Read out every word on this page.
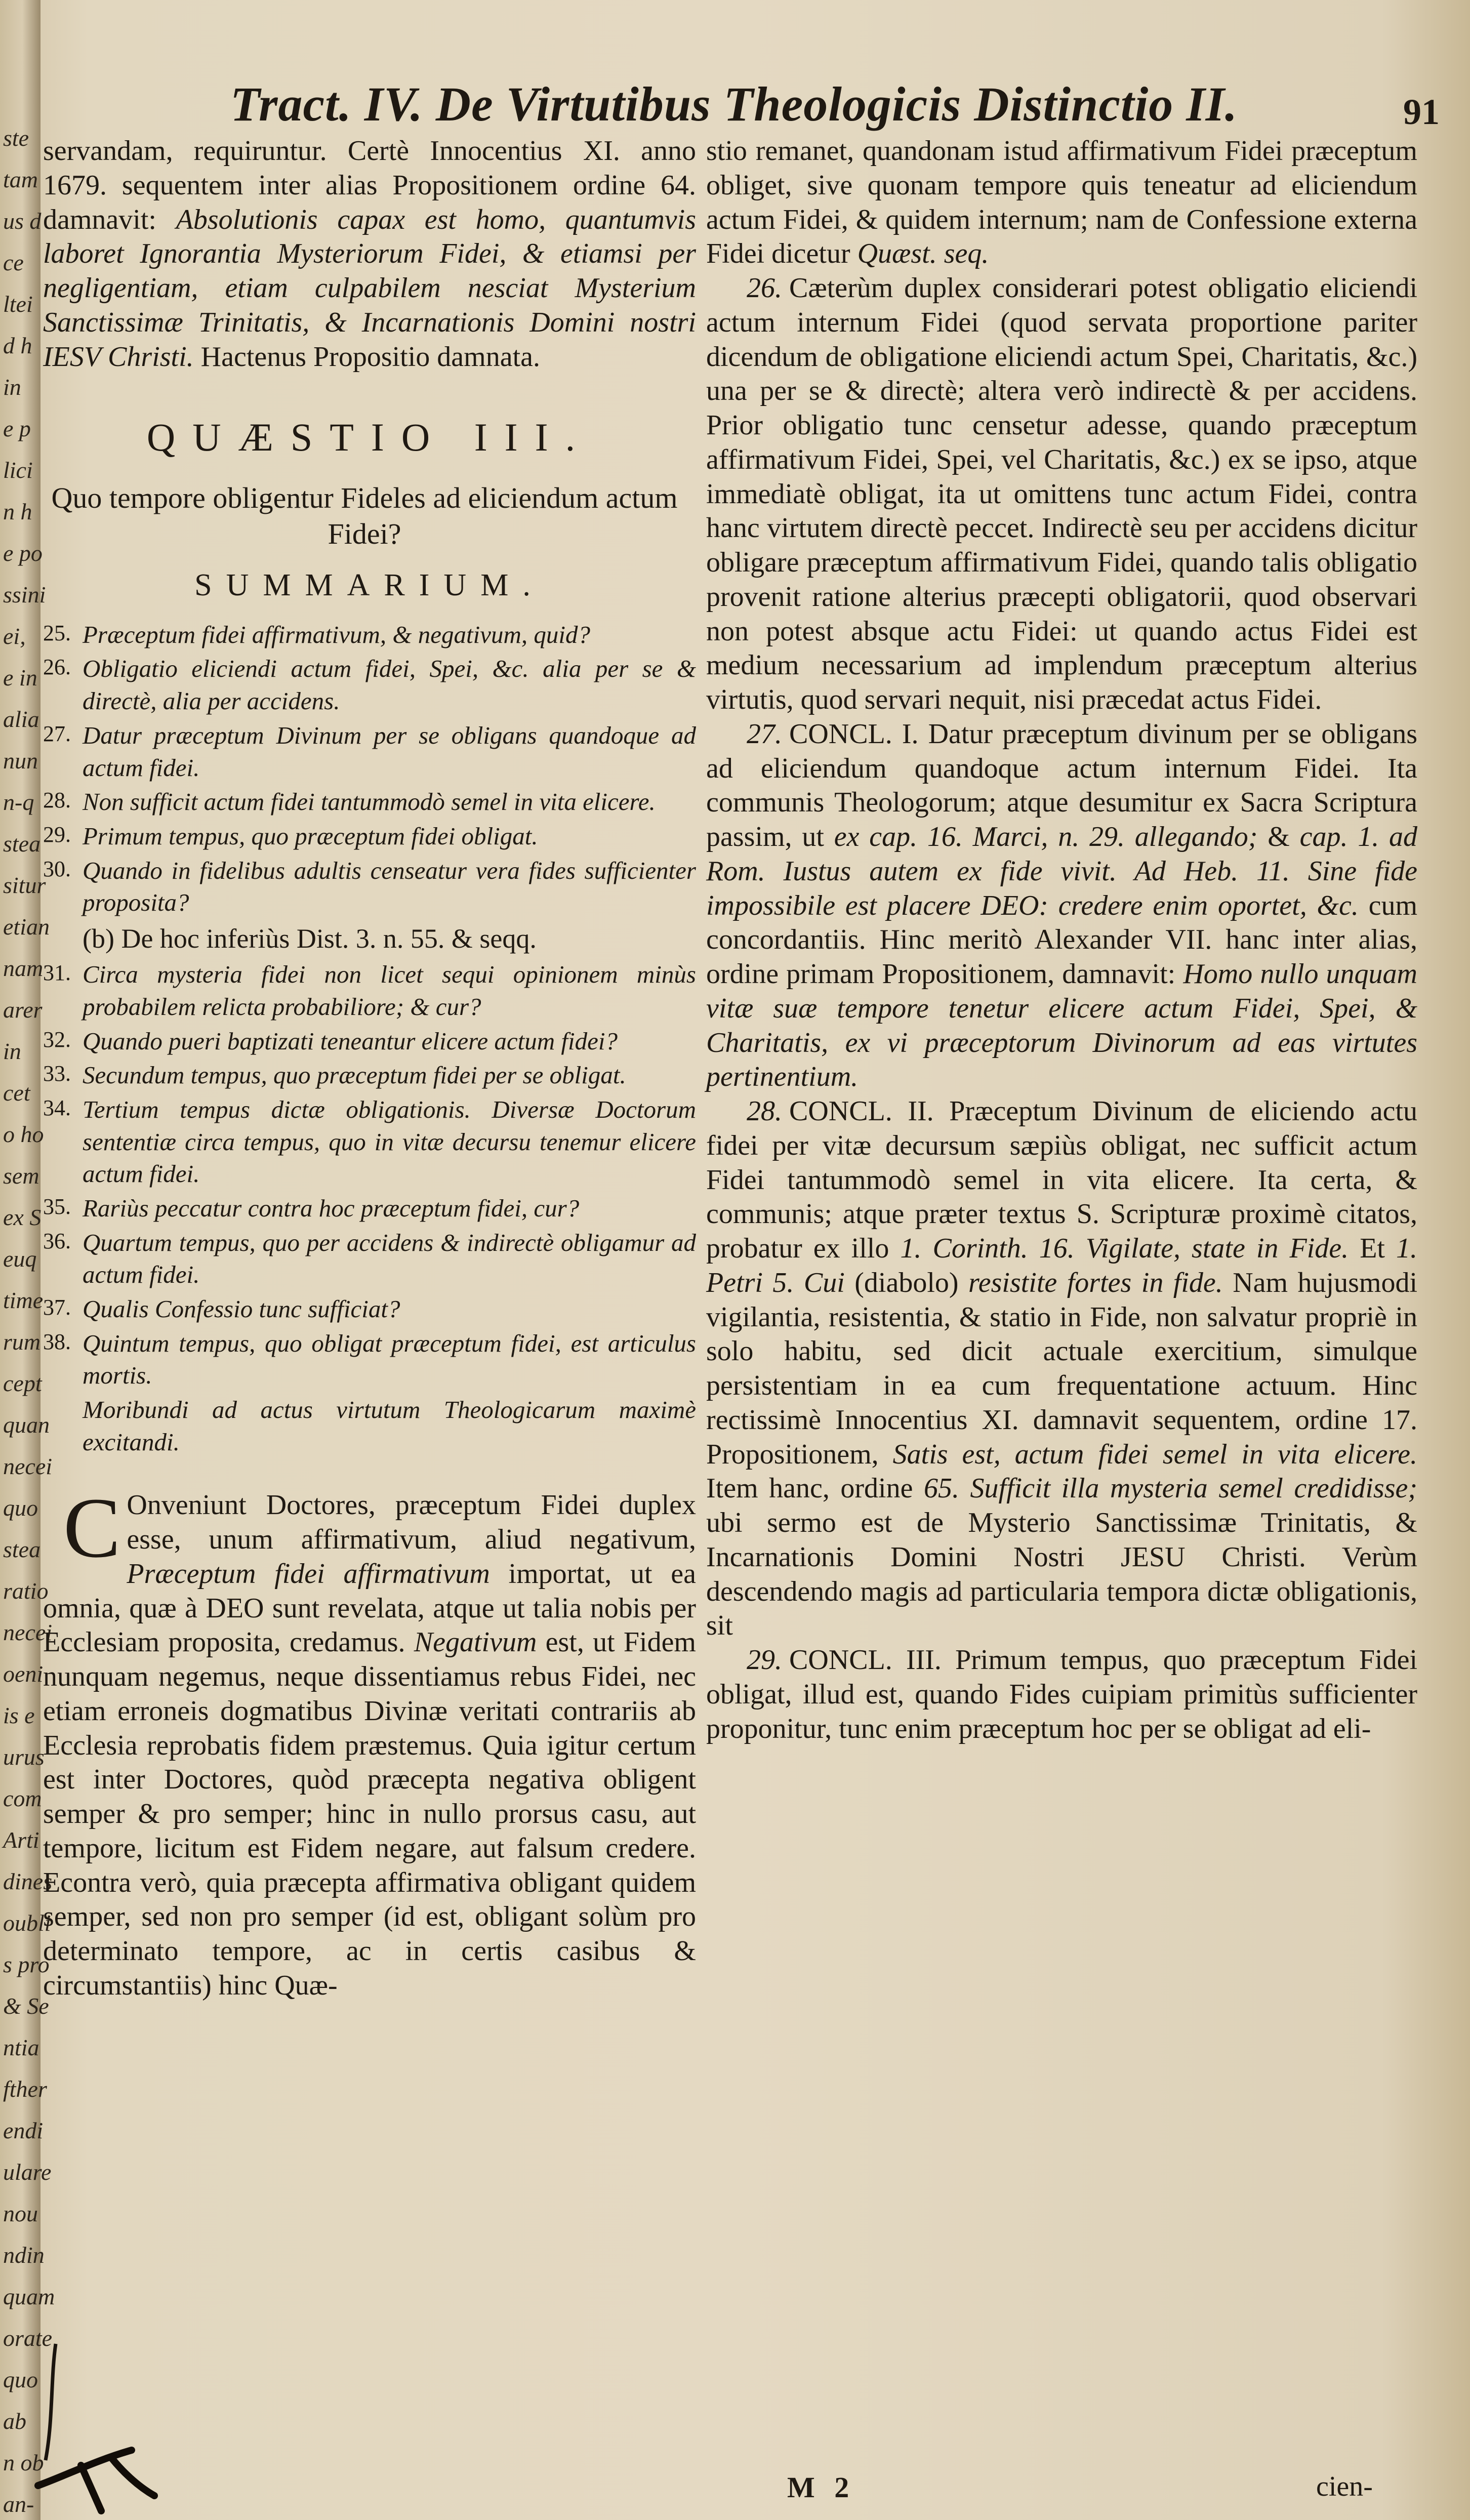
ste
tam
us d
ce
ltei
d h
in
e p
lici
n h
e po
ssini
ei,
e in
alia
nun
n-q
stea
situr
etian
nam
arer
in
cet
o ho
sem
ex S
euq
time
rum
cept
quan
necei
quo
stea
ratio
necei
oeni
is e
urus
com
Arti
dines
oubli
s pro
& Se
ntia
fther
endi
ulare
nou
ndin
quam
orate
quo
ab
n ob
an-
Tract. IV. De Virtutibus Theologicis Distinctio II.	91

servandam, requiruntur. Certè Innocentius XI. anno 1679. sequentem inter alias Propositionem ordine 64. damnavit: Absolutionis capax est homo, quantumvis laboret Ignorantia Mysteriorum Fidei, & etiamsi per negligentiam, etiam culpabilem nesciat Mysterium Sanctissimæ Trinitatis, & Incarnationis Domini nostri IESV Christi. Hactenus Propositio damnata.

QUÆSTIO III.
Quo tempore obligentur Fideles ad eliciendum actum Fidei?
SUMMARIUM.
25. Præceptum fidei affirmativum, & negativum, quid?
26. Obligatio eliciendi actum fidei, Spei, &c. alia per se & directè, alia per accidens.
27. Datur præceptum Divinum per se obligans quandoque ad actum fidei.
28. Non sufficit actum fidei tantummodò semel in vita elicere.
29. Primum tempus, quo præceptum fidei obligat.
30. Quando in fidelibus adultis censeatur vera fides sufficienter proposita?
(b) De hoc inferiùs Dist. 3. n. 55. & seqq.
31. Circa mysteria fidei non licet sequi opinionem minùs probabilem relicta probabiliore; & cur?
32. Quando pueri baptizati teneantur elicere actum fidei?
33. Secundum tempus, quo præceptum fidei per se obligat.
34. Tertium tempus dictæ obligationis. Diversæ Doctorum sententiæ circa tempus, quo in vitæ decursu tenemur elicere actum fidei.
35. Rariùs peccatur contra hoc præceptum fidei, cur?
36. Quartum tempus, quo per accidens & indirectè obligamur ad actum fidei.
37. Qualis Confessio tunc sufficiat?
38. Quintum tempus, quo obligat præceptum fidei, est articulus mortis.
Moribundi ad actus virtutum Theologicarum maximè excitandi.

C Onveniunt Doctores, præceptum Fidei duplex esse, unum affirmativum, aliud negativum, Præceptum fidei affirmativum importat, ut ea omnia, quæ à DEO sunt revelata, atque ut talia nobis per Ecclesiam proposita, credamus. Negativum est, ut Fidem nunquam negemus, neque dissentiamus rebus Fidei, nec etiam erroneis dogmatibus Divinæ veritati contrariis ab Ecclesia reprobatis fidem præstemus. Quia igitur certum est inter Doctores, quòd præcepta negativa obligent semper & pro semper; hinc in nullo prorsus casu, aut tempore, licitum est Fidem negare, aut falsum credere. Econtra verò, quia præcepta affirmativa obligant quidem semper, sed non pro semper (id est, obligant solùm pro determinato tempore, ac in certis casibus & circumstantiis) hinc Quæ-

stio remanet, quandonam istud affirmativum Fidei præceptum obliget, sive quonam tempore quis teneatur ad eliciendum actum Fidei, & quidem internum; nam de Confessione externa Fidei dicetur Quæst. seq.

26. Cæterùm duplex considerari potest obligatio eliciendi actum internum Fidei (quod servata proportione pariter dicendum de obligatione eliciendi actum Spei, Charitatis, &c.) una per se & directè; altera verò indirectè & per accidens. Prior obligatio tunc censetur adesse, quando præceptum affirmativum Fidei, Spei, vel Charitatis, &c.) ex se ipso, atque immediatè obligat, ita ut omittens tunc actum Fidei, contra hanc virtutem directè peccet. Indirectè seu per accidens dicitur obligare præceptum affirmativum Fidei, quando talis obligatio provenit ratione alterius præcepti obligatorii, quod observari non potest absque actu Fidei: ut quando actus Fidei est medium necessarium ad implendum præceptum alterius virtutis, quod servari nequit, nisi præcedat actus Fidei.

27. CONCL. I. Datur præceptum divinum per se obligans ad eliciendum quandoque actum internum Fidei. Ita communis Theologorum; atque desumitur ex Sacra Scriptura passim, ut ex cap. 16. Marci, n. 29. allegando; & cap. 1. ad Rom. Iustus autem ex fide vivit. Ad Heb. 11. Sine fide impossibile est placere DEO: credere enim oportet, &c. cum concordantiis. Hinc meritò Alexander VII. hanc inter alias, ordine primam Propositionem, damnavit: Homo nullo unquam vitæ suæ tempore tenetur elicere actum Fidei, Spei, & Charitatis, ex vi præceptorum Divinorum ad eas virtutes pertinentium.

28. CONCL. II. Præceptum Divinum de eliciendo actu fidei per vitæ decursum sæpiùs obligat, nec sufficit actum Fidei tantummodò semel in vita elicere. Ita certa, & communis; atque præter textus S. Scripturæ proximè citatos, probatur ex illo 1. Corinth. 16. Vigilate, state in Fide. Et 1. Petri 5. Cui (diabolo) resistite fortes in fide. Nam hujusmodi vigilantia, resistentia, & statio in Fide, non salvatur propriè in solo habitu, sed dicit actuale exercitium, simulque persistentiam in ea cum frequentatione actuum. Hinc rectissimè Innocentius XI. damnavit sequentem, ordine 17. Propositionem, Satis est, actum fidei semel in vita elicere. Item hanc, ordine 65. Sufficit illa mysteria semel credidisse; ubi sermo est de Mysterio Sanctissimæ Trinitatis, & Incarnationis Domini Nostri JESU Christi. Verùm descendendo magis ad particularia tempora dictæ obligationis, sit

29. CONCL. III. Primum tempus, quo præceptum Fidei obligat, illud est, quando Fides cuipiam primitùs sufficienter proponitur, tunc enim præceptum hoc per se obligat ad eli-

M 2	cien-
